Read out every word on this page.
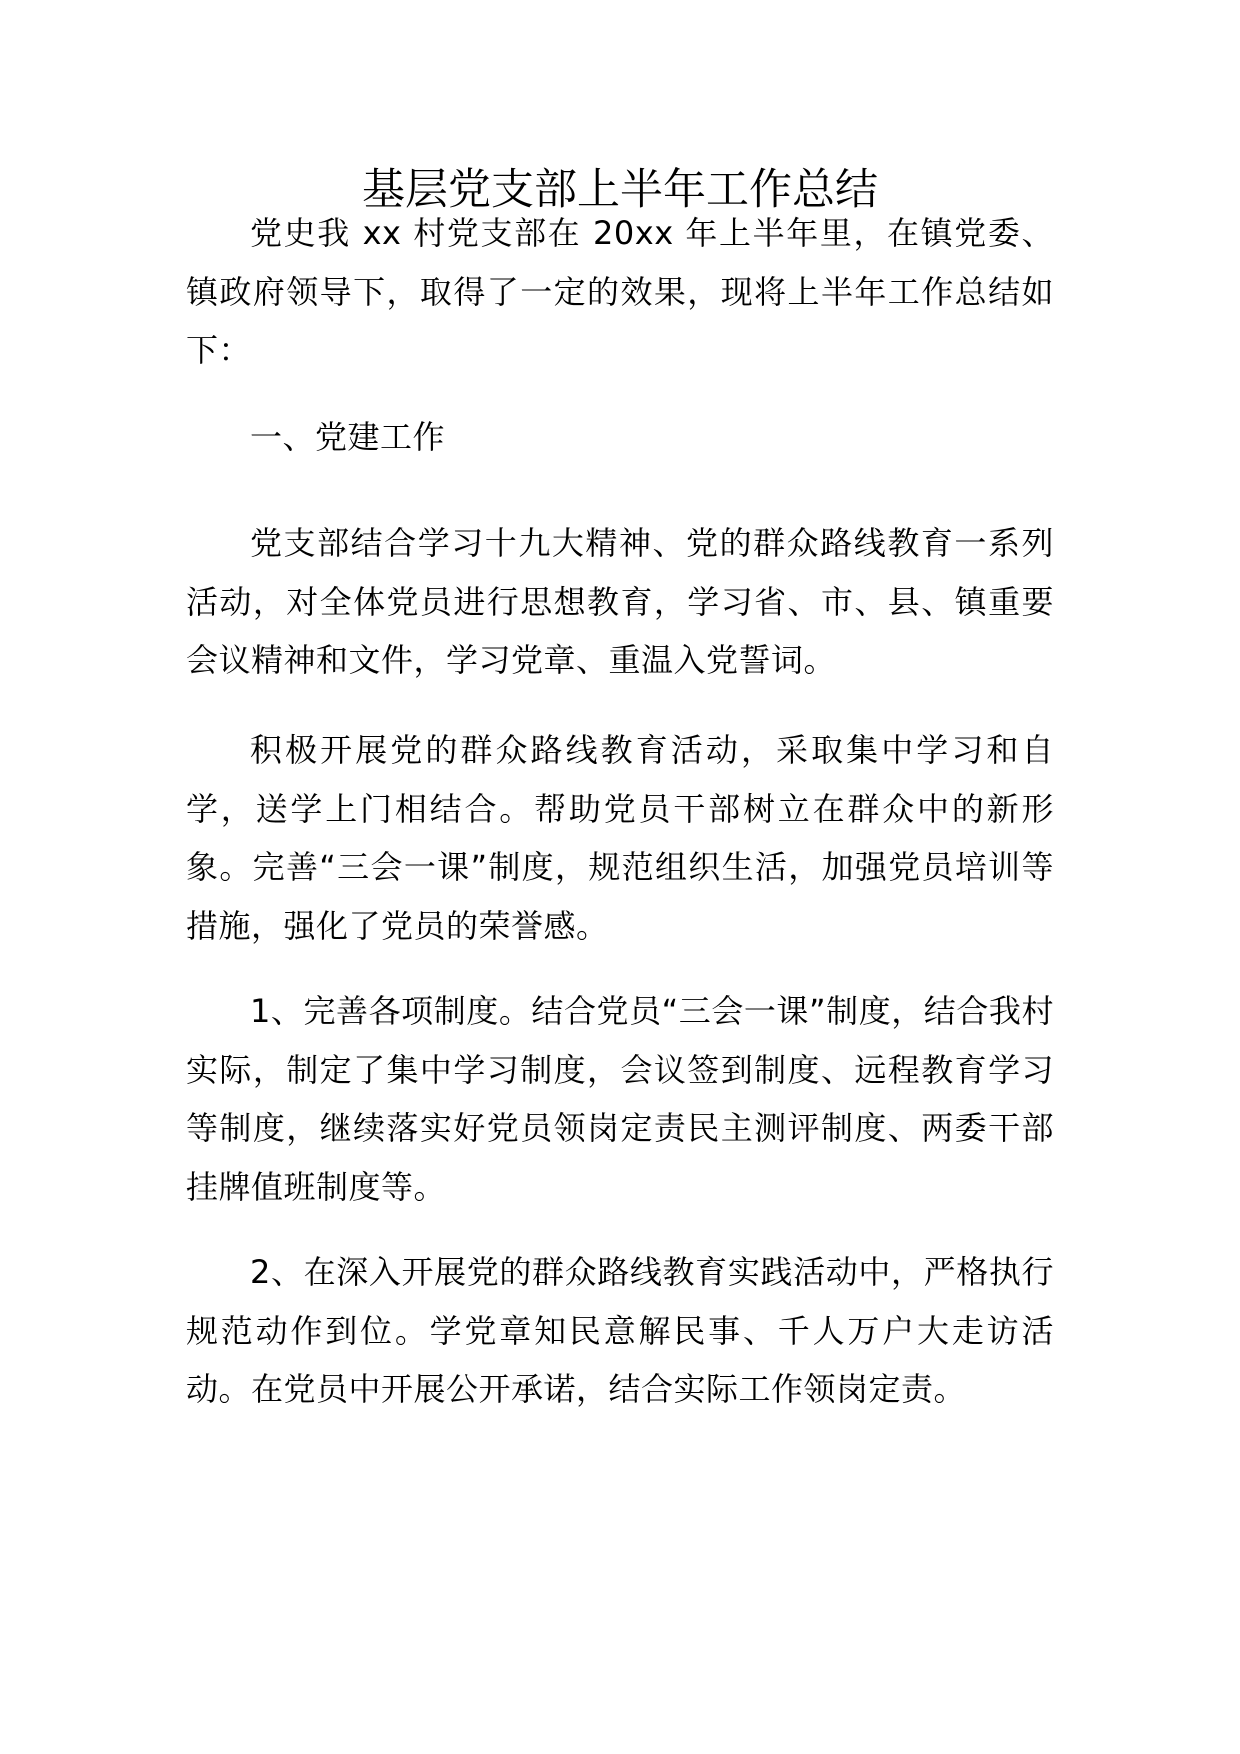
基层党支部上半年工作总结

党史我 xx 村党支部在 20xx 年上半年里，在镇党委、镇政府领导下，取得了一定的效果，现将上半年工作总结如下：

一、党建工作

党支部结合学习十九大精神、党的群众路线教育一系列活动，对全体党员进行思想教育，学习省、市、县、镇重要会议精神和文件，学习党章、重温入党誓词。

积极开展党的群众路线教育活动，采取集中学习和自学，送学上门相结合。帮助党员干部树立在群众中的新形象。完善“三会一课”制度，规范组织生活，加强党员培训等措施，强化了党员的荣誉感。

1、完善各项制度。结合党员“三会一课”制度，结合我村实际，制定了集中学习制度，会议签到制度、远程教育学习等制度，继续落实好党员领岗定责民主测评制度、两委干部挂牌值班制度等。

2、在深入开展党的群众路线教育实践活动中，严格执行规范动作到位。学党章知民意解民事、千人万户大走访活动。在党员中开展公开承诺，结合实际工作领岗定责。
